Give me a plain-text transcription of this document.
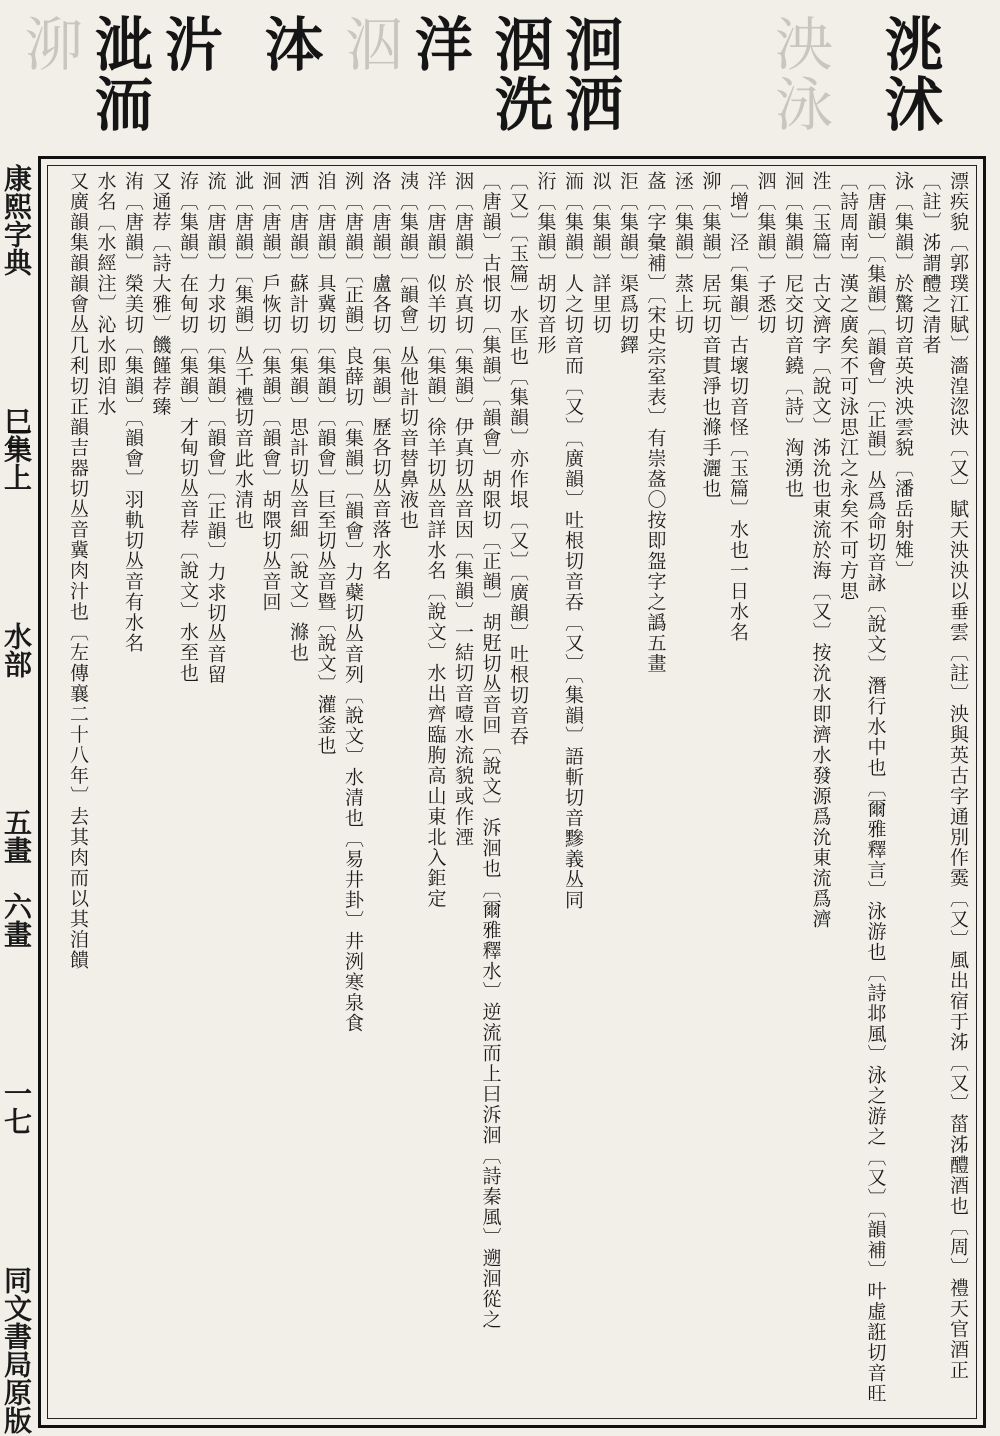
洮沭
泱泳
洄洒
洇洗
洋
泅
泍
沜
泚洏
泖
康熙字典
巳集上
水部
五畫　六畫
一七
同文書局原版	漂疾貌〔郭璞江賦〕濇湟淴泱〔又〕賦天泱泱以垂雲〔註〕泱與英古字通別作霙〔又〕風出宿于泲〔又〕菑泲醴酒也〔周〕禮天官酒正〔註〕泲謂醴之清者

泳〔集韻〕於驚切音英泱泱雲貌〔潘岳射雉〕

〔唐韻〕〔集韻〕〔韻會〕〔正韻〕丛爲命切音詠〔說文〕潛行水中也〔爾雅釋言〕泳游也〔詩邶風〕泳之游之〔又〕〔韻補〕叶虛誑切音旺〔詩周南〕漢之廣矣不可泳思江之永矣不可方思

泩〔玉篇〕古文濟字〔說文〕泲沇也東流於海〔又〕按沇水即濟水發源爲沇東流爲濟

洄〔集韻〕尼交切音鐃〔詩〕洶湧也

泗〔集韻〕子悉切

〔增〕泾〔集韻〕古壞切音怪〔玉篇〕水也一日水名

泖〔集韻〕居玩切音貫淨也滌手灑也

洆〔集韻〕蒸上切

盋〔字彙補〕〔宋史宗室表〕有崇盋〇按即盌字之譌五畫

洰〔集韻〕渠爲切鐸

泤〔集韻〕詳里切

洏〔集韻〕人之切音而〔又〕〔廣韻〕吐根切音吞〔又〕〔集韻〕語斬切音黲義丛同

洐〔集韻〕胡切音形

〔又〕〔玉篇〕水匡也〔集韻〕亦作垠〔又〕〔廣韻〕吐根切音吞

〔唐韻〕古恨切〔集韻〕〔韻會〕胡限切〔正韻〕胡覎切丛音回〔說文〕泝洄也〔爾雅釋水〕逆流而上曰泝洄〔詩秦風〕遡洄從之

洇〔唐韻〕於真切〔集韻〕伊真切丛音因〔集韻〕一結切音噎水流貌或作湮

洋〔唐韻〕似羊切〔集韻〕徐羊切丛音詳水名〔說文〕水出齊臨朐高山東北入鉅定

洟〔集韻〕〔韻會〕丛他計切音替鼻液也

洛〔唐韻〕盧各切〔集韻〕歷各切丛音落水名

洌〔唐韻〕〔正韻〕良薛切〔集韻〕〔韻會〕力蘗切丛音列〔說文〕水清也〔易井卦〕井洌寒泉食

洎〔唐韻〕具冀切〔集韻〕〔韻會〕巨至切丛音暨〔說文〕灌釜也

洒〔唐韻〕蘇計切〔集韻〕思計切丛音細〔說文〕滌也

洄〔唐韻〕戶恢切〔集韻〕〔韻會〕胡隈切丛音回

泚〔唐韻〕〔集韻〕丛千禮切音此水清也

流〔唐韻〕力求切〔集韻〕〔韻會〕〔正韻〕力求切丛音留

洊〔集韻〕在甸切〔集韻〕才甸切丛音荐〔說文〕水至也

又通荐〔詩大雅〕饑饉荐臻

洧〔唐韻〕榮美切〔集韻〕〔韻會〕羽軌切丛音有水名

水名〔水經注〕沁水即洎水

又廣韻集韻韻會丛几利切正韻吉器切丛音冀肉汁也〔左傳襄二十八年〕去其肉而以其洎饋
